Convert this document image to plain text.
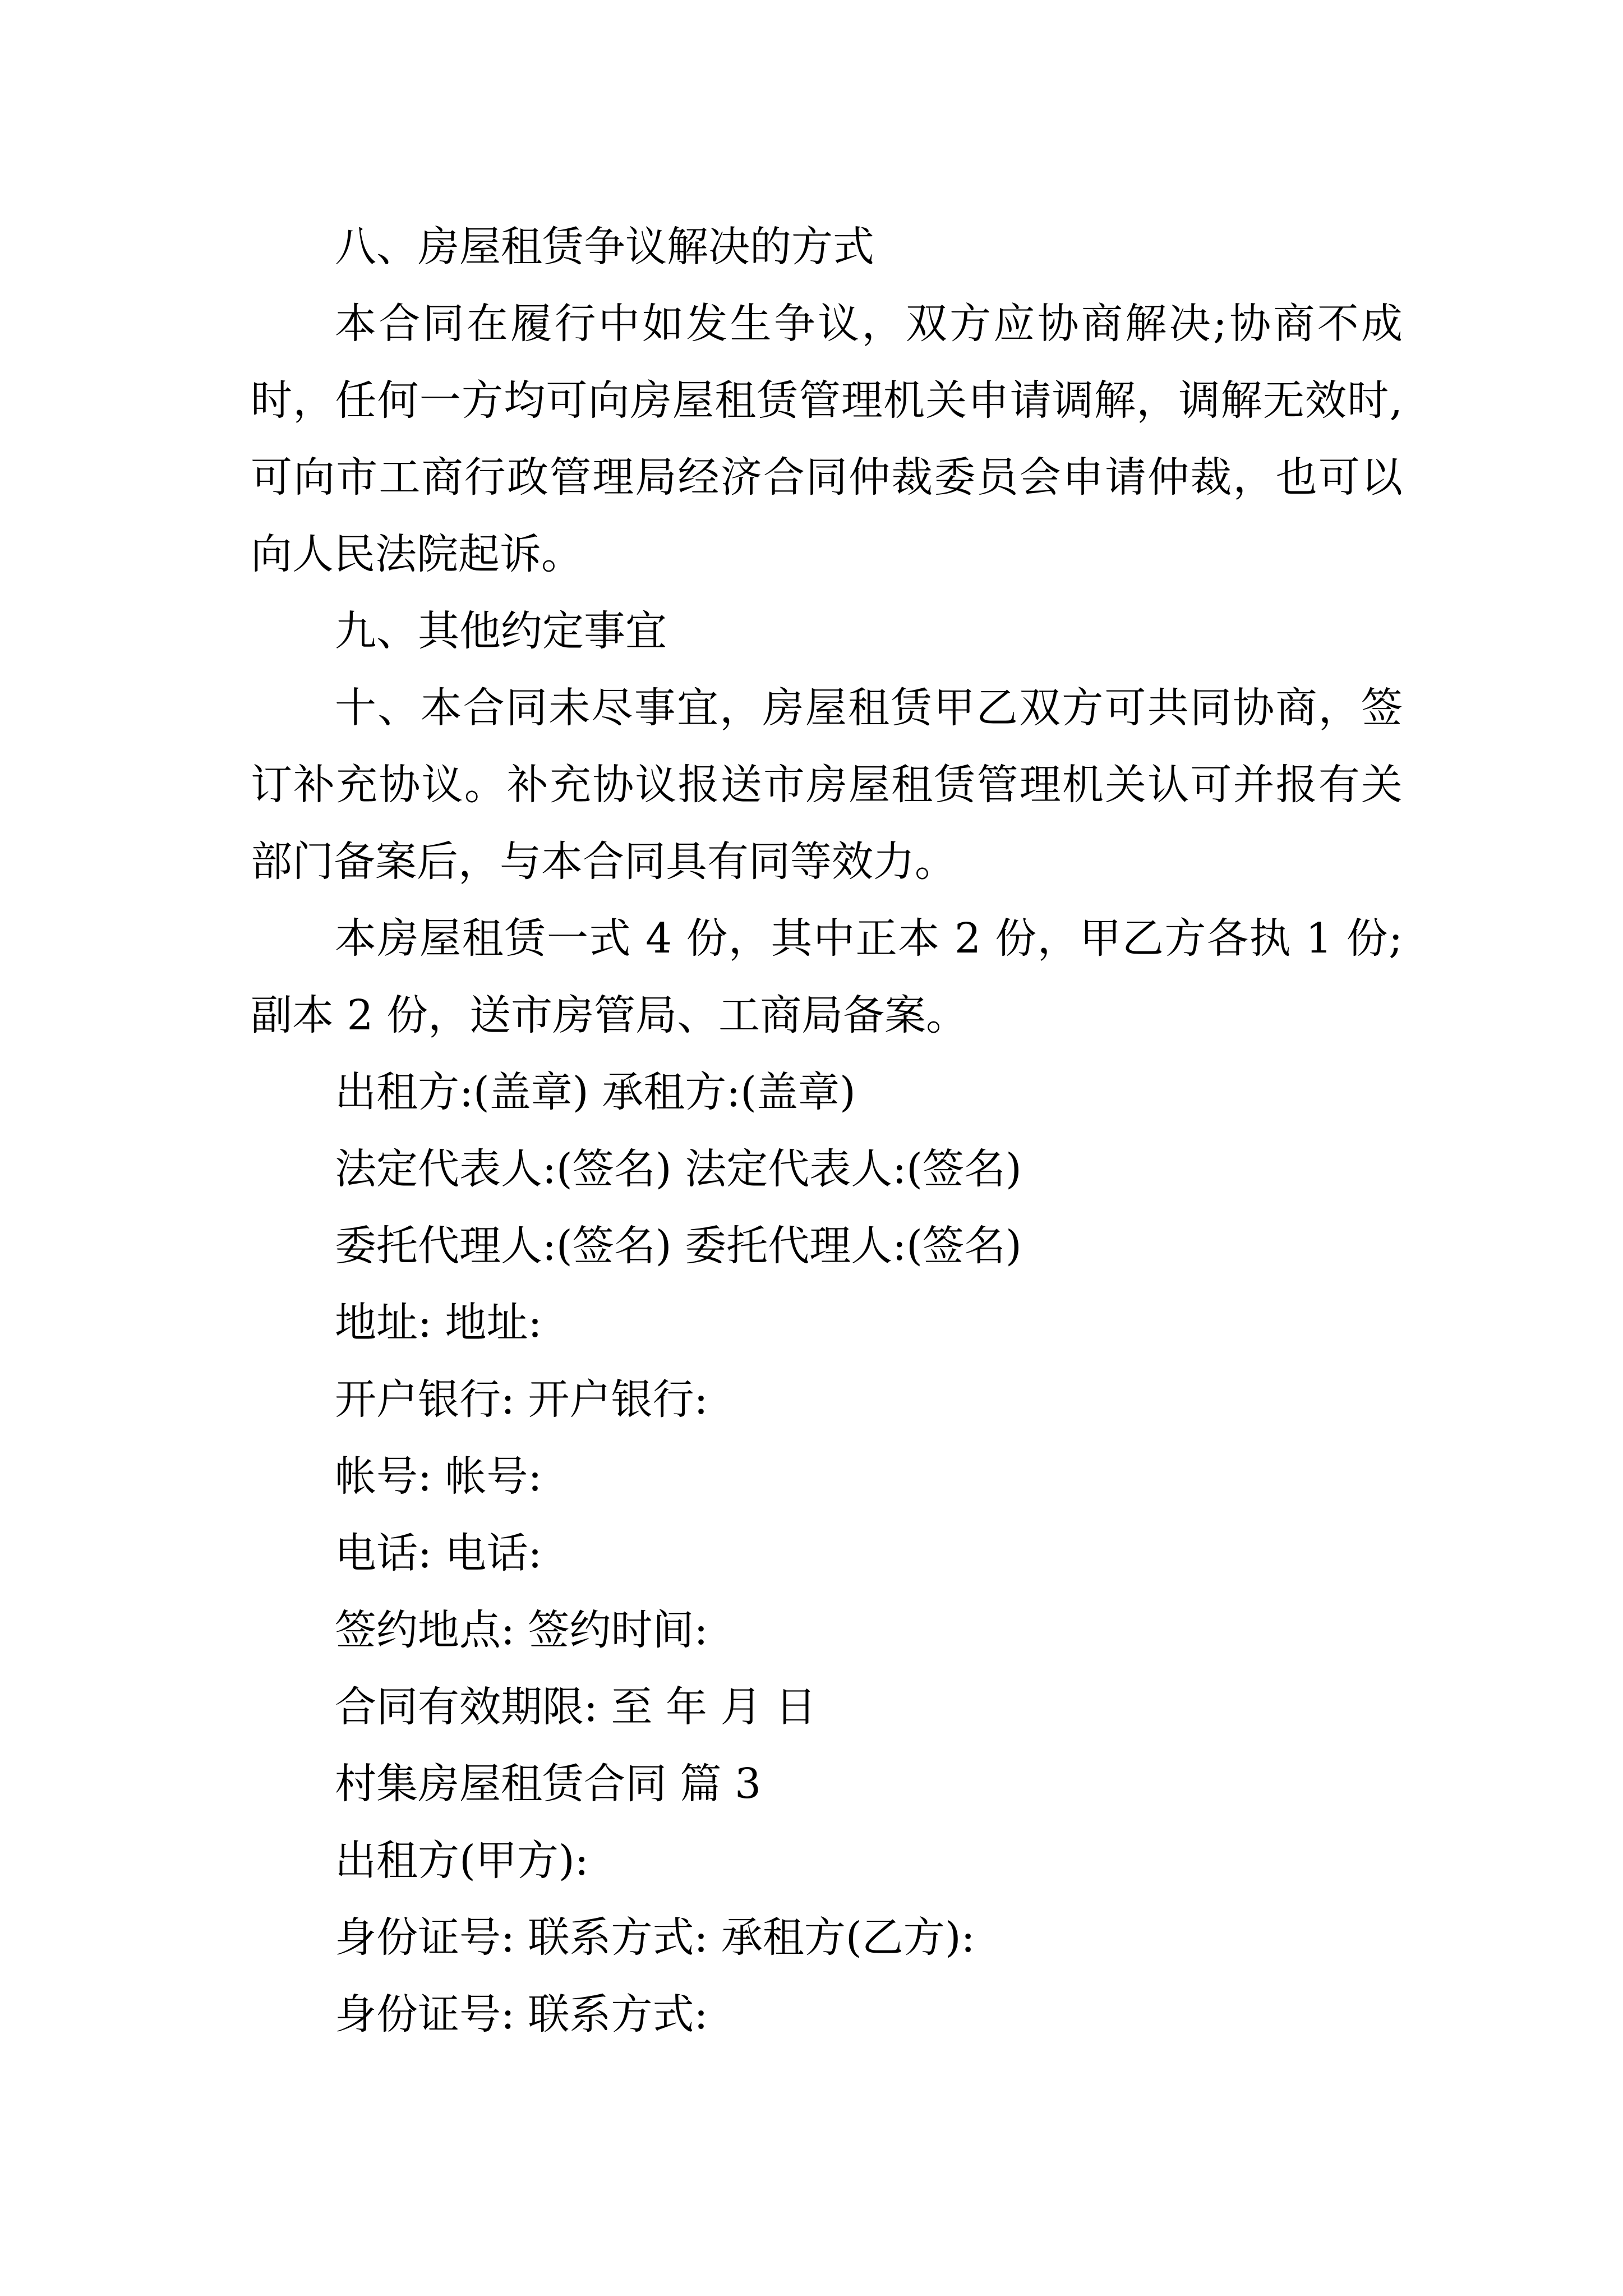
八、房屋租赁争议解决的方式

本合同在履行中如发生争议，双方应协商解决;协商不成时，任何一方均可向房屋租赁管理机关申请调解，调解无效时,可向市工商行政管理局经济合同仲裁委员会申请仲裁，也可以向人民法院起诉。

九、其他约定事宜

十、本合同未尽事宜，房屋租赁甲乙双方可共同协商，签订补充协议。补充协议报送市房屋租赁管理机关认可并报有关部门备案后，与本合同具有同等效力。

本房屋租赁一式 4 份，其中正本 2 份，甲乙方各执 1 份;副本 2 份，送市房管局、工商局备案。

出租方:(盖章) 承租方:(盖章)

法定代表人:(签名) 法定代表人:(签名)

委托代理人:(签名) 委托代理人:(签名)

地址: 地址:

开户银行: 开户银行:

帐号: 帐号:

电话: 电话:

签约地点: 签约时间:

合同有效期限: 至 年 月 日

村集房屋租赁合同 篇 3

出租方(甲方):

身份证号: 联系方式: 承租方(乙方):

身份证号: 联系方式:
